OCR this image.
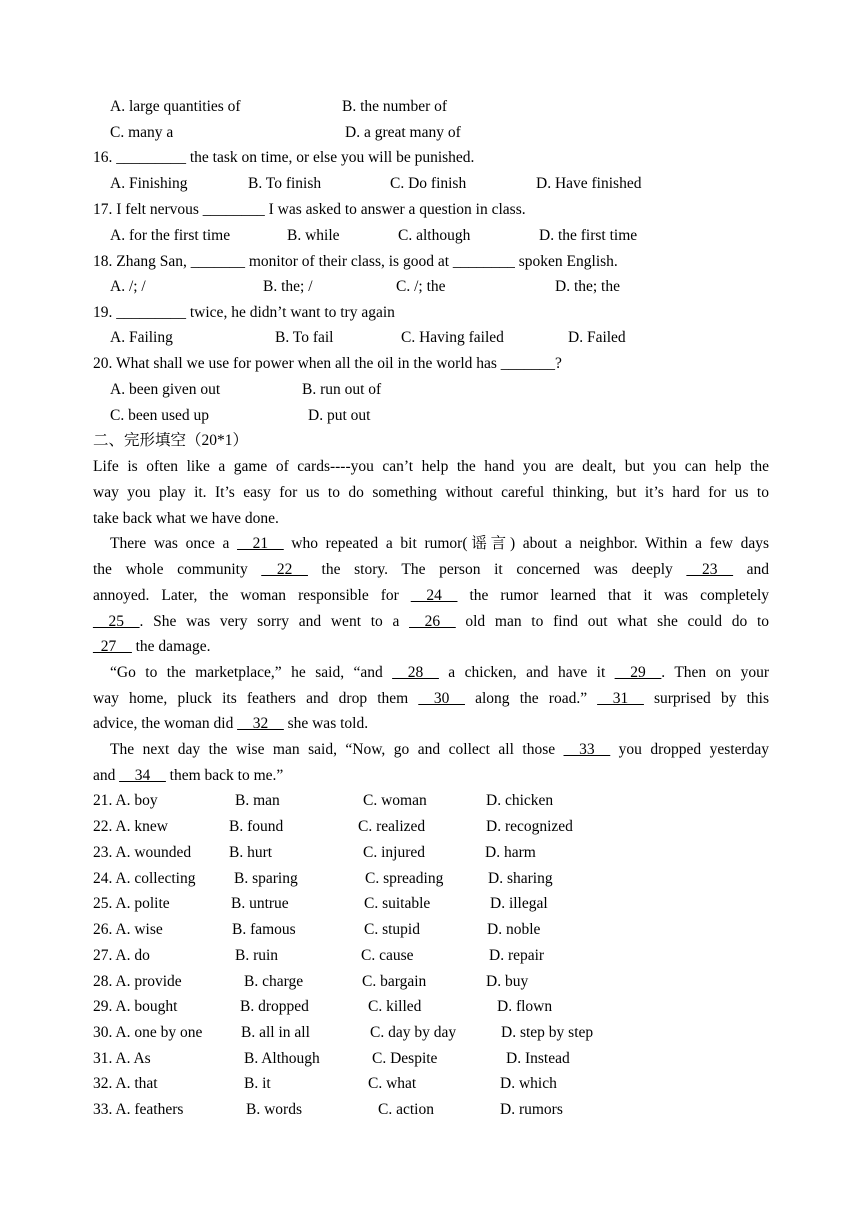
A. large quantities of	B. the number of
C. many a	D. a great many of
16. _________ the task on time, or else you will be punished.
A. Finishing	B. To finish	C. Do finish	D. Have finished
17. I felt nervous ________ I was asked to answer a question in class.
A. for the first time	B. while	C. although	D. the first time
18. Zhang San, _______ monitor of their class, is good at ________ spoken English.
A. /; /	B. the; /	C. /; the	D. the; the
19. _________ twice, he didn’t want to try again
A. Failing	B. To fail	C. Having failed	D. Failed
20. What shall we use for power when all the oil in the world has _______?
A. been given out	B. run out of
C. been used up	D. put out
二、完形填空（20*1）
Life is often like a game of cards----you can’t help the hand you are dealt, but you can help the
way you play it. It’s easy for us to do something without careful thinking, but it’s hard for us to
take back what we have done.
There was once a __21__ who repeated a bit rumor(谣言) about a neighbor. Within a few days
the whole community __22__ the story. The person it concerned was deeply __23__ and
annoyed. Later, the woman responsible for __24__ the rumor learned that it was completely
__25__. She was very sorry and went to a __26__ old man to find out what she could do to
_27__ the damage.
“Go to the marketplace,” he said, “and __28__ a chicken, and have it __29__. Then on your
way home, pluck its feathers and drop them __30__ along the road.” __31__ surprised by this
advice, the woman did __32__ she was told.
The next day the wise man said, “Now, go and collect all those __33__ you dropped yesterday
and __34__ them back to me.”
21. A. boy	B. man	C. woman	D. chicken
22. A. knew	B. found	C. realized	D. recognized
23. A. wounded B. hurt	C. injured	D. harm
24. A. collecting B. sparing	C. spreading	D. sharing
25. A. polite	B. untrue	C. suitable	D. illegal
26. A. wise	B. famous	C. stupid	D. noble
27. A. do	B. ruin	C. cause	D. repair
28. A. provide	B. charge	C. bargain	D. buy
29. A. bought	B. dropped	C. killed	D. flown
30. A. one by one B. all in all	C. day by day	D. step by step
31. A. As	B. Although	C. Despite	D. Instead
32. A. that	B. it	C. what	D. which
33. A. feathers	B. words	C. action	D. rumors
